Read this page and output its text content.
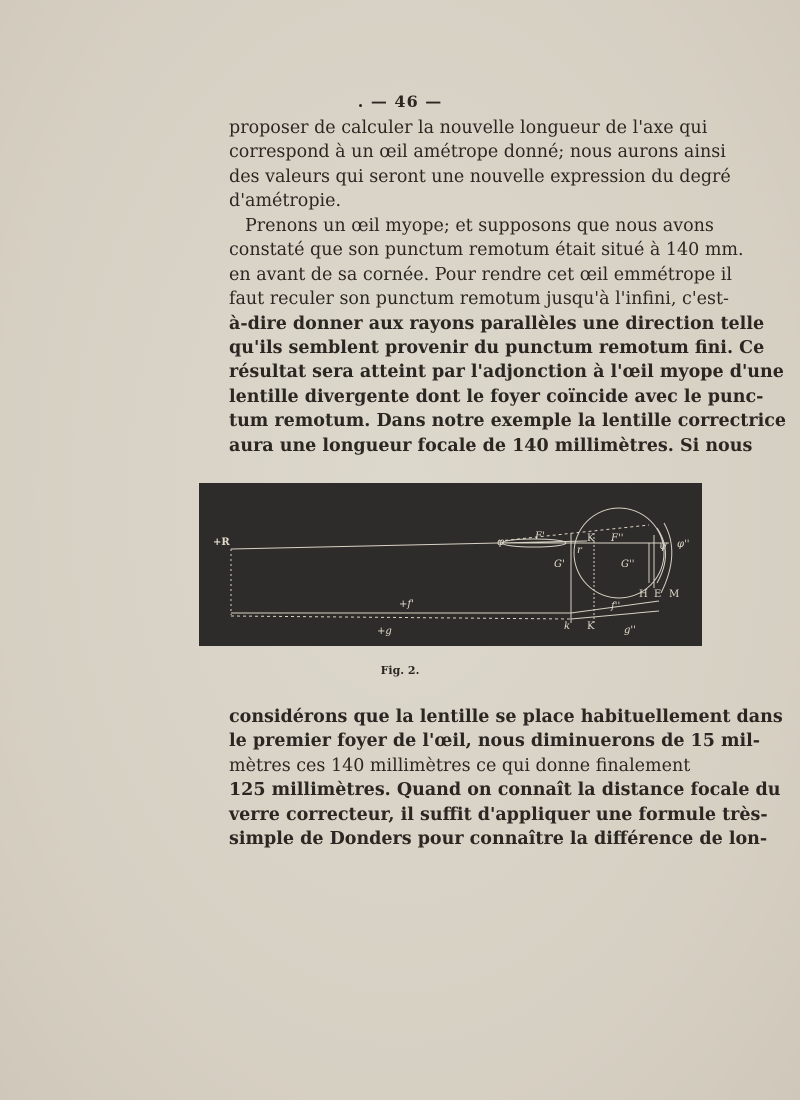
. — 46 —
proposer de calculer la nouvelle longueur de l'axe qui
correspond à un œil amétrope donné; nous aurons ainsi
des valeurs qui seront une nouvelle expression du degré
d'amétropie.
Prenons un œil myope; et supposons que nous avons
constaté que son punctum remotum était situé à 140 mm.
en avant de sa cornée. Pour rendre cet œil emmétrope il
faut reculer son punctum remotum jusqu'à l'infini, c'est-
à-dire donner aux rayons parallèles une direction telle
qu'ils semblent provenir du punctum remotum fini. Ce
résultat sera atteint par l'adjonction à l'œil myope d'une
lentille divergente dont le foyer coïncide avec le punc-
tum remotum. Dans notre exemple la lentille correctrice
aura une longueur focale de 140 millimètres. Si nous
+R
+f'
+g
F'
φ	K F''
G'	G''
r
H E M
f''
g''
k K
ψ φ''
Fig. 2.
considérons que la lentille se place habituellement dans
le premier foyer de l'œil, nous diminuerons de 15 mil-
mètres ces 140 millimètres ce qui donne finalement
125 millimètres. Quand on connaît la distance focale du
verre correcteur, il suffit d'appliquer une formule très-
simple de Donders pour connaître la différence de lon-
